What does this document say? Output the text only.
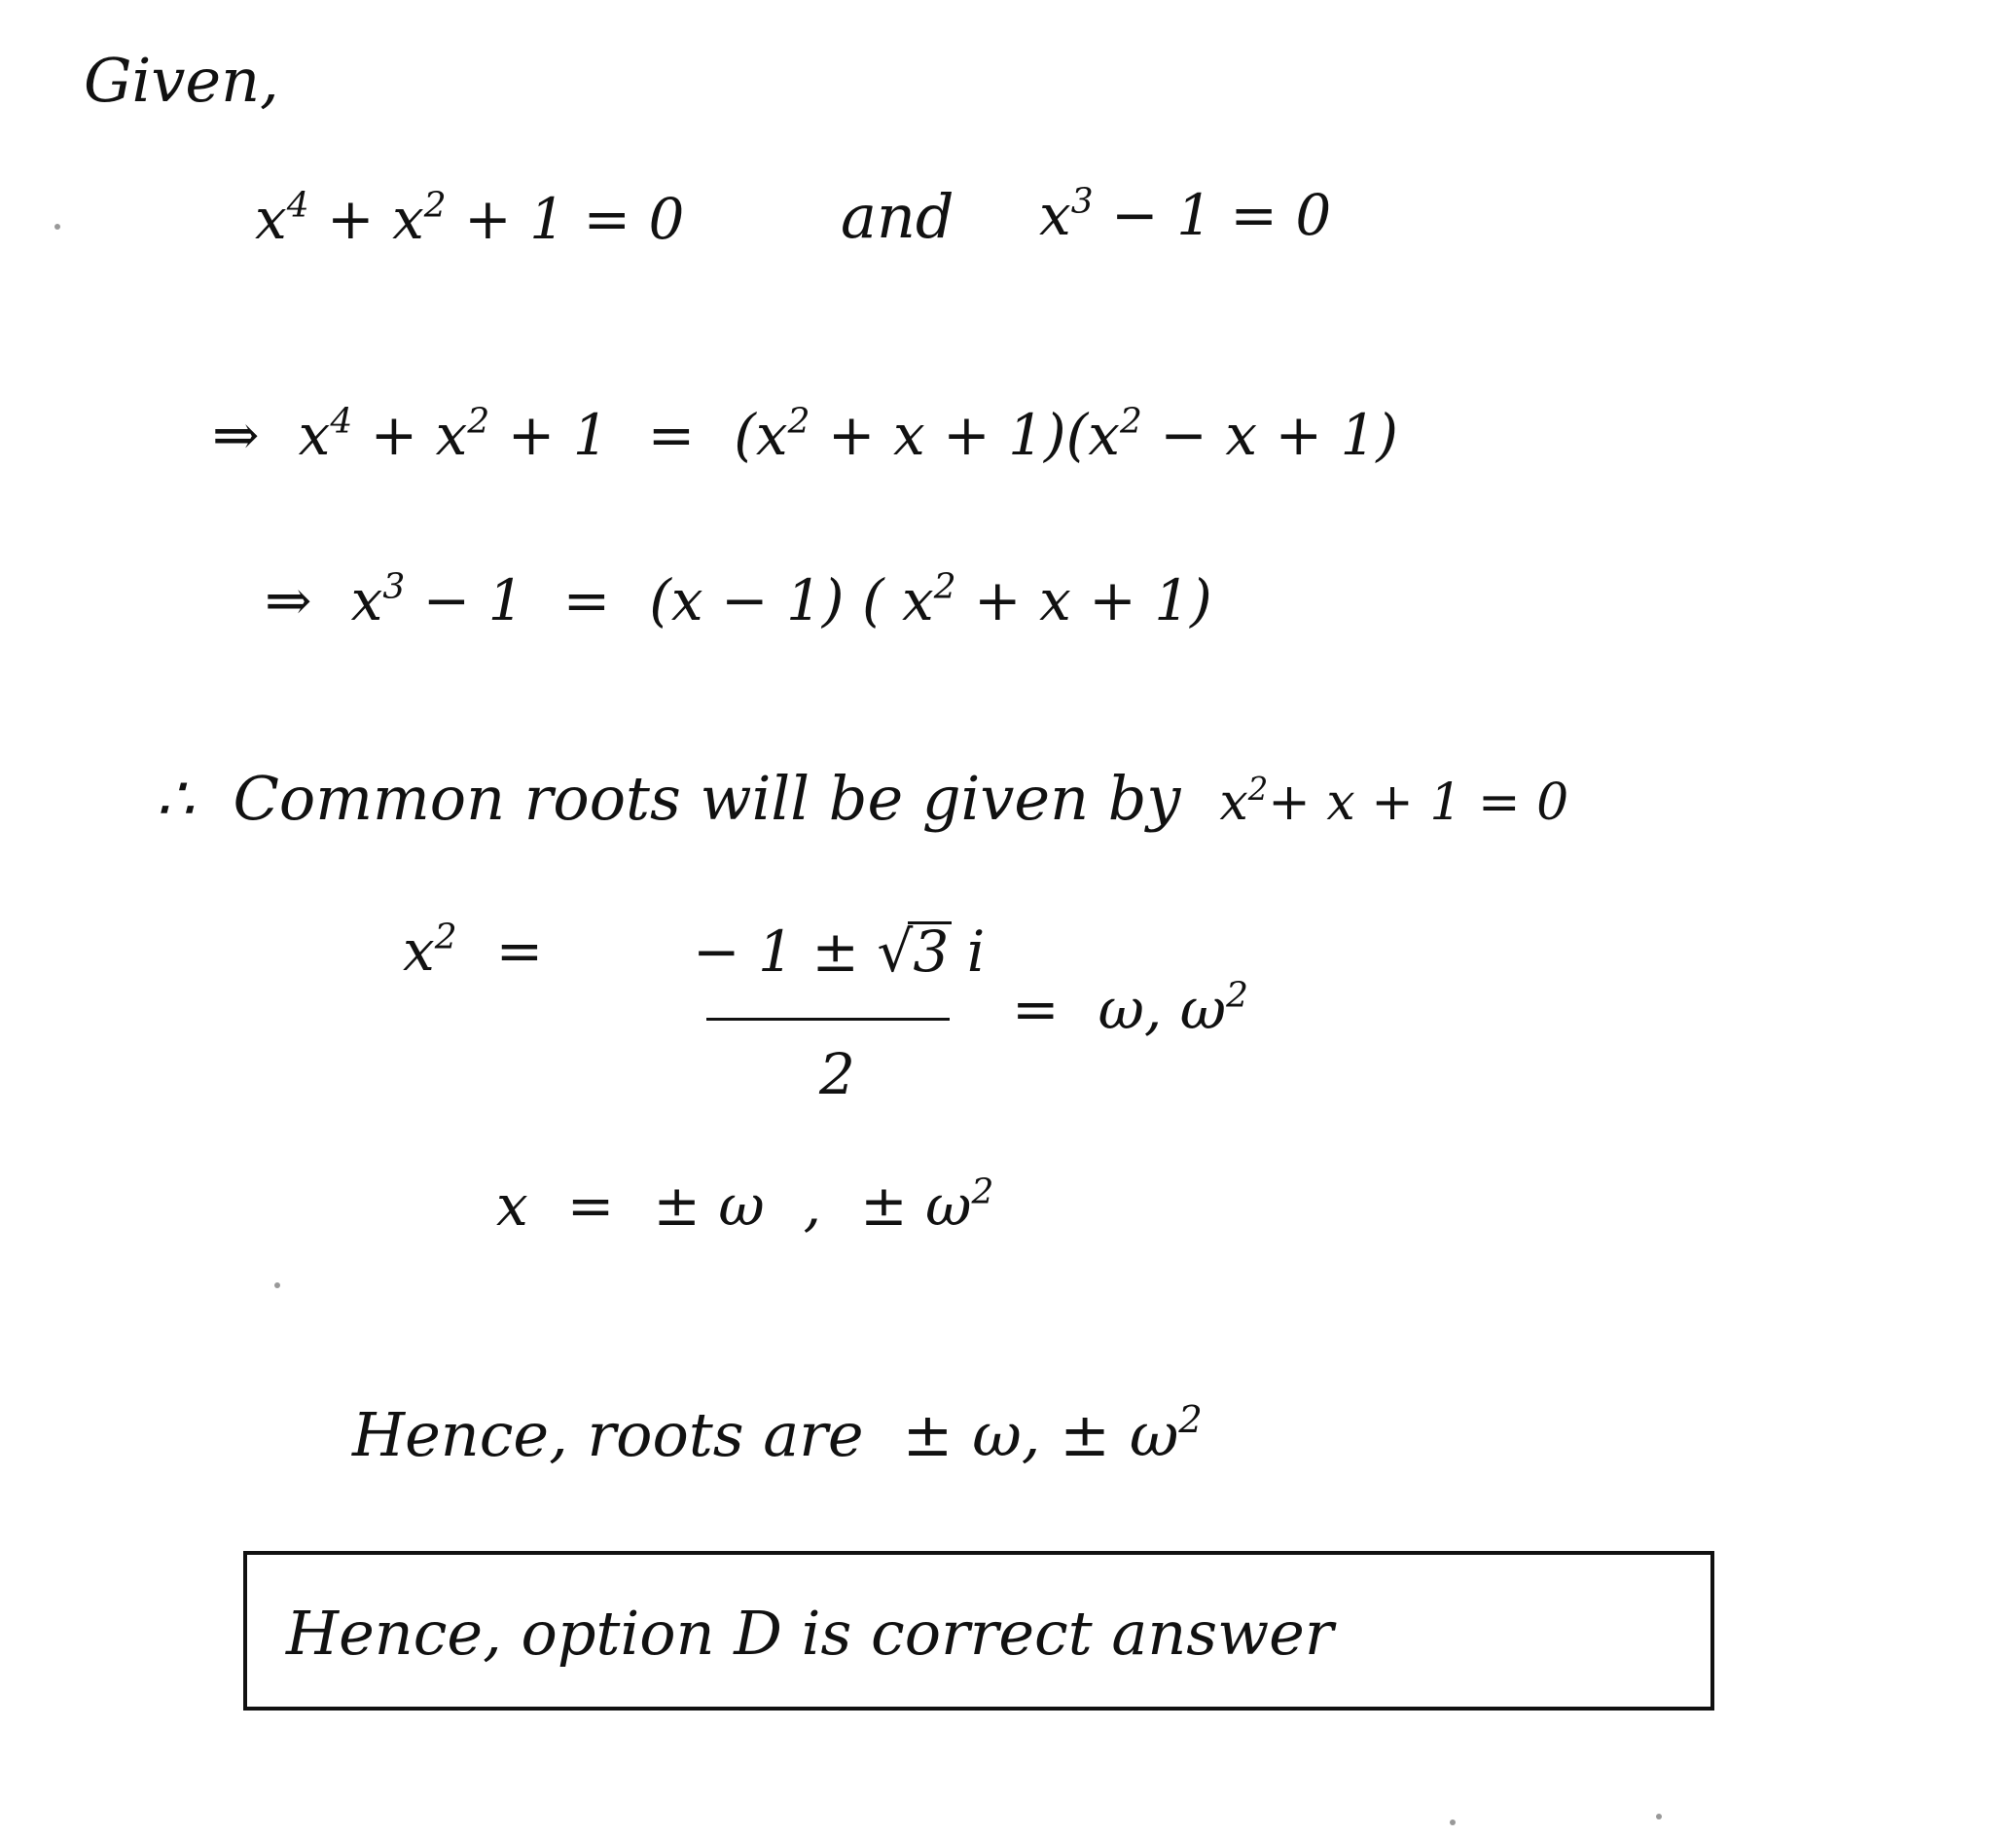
Given,
$x^4 + x^2 + 1 = 0$	and $x^3 - 1 = 0$
⇒ $x^4 + x^2 + 1 = (x^2 + x + 1)(x^2 - x + 1)$
⇒ $x^3 - 1 = (x - 1)$ ( $x^2 + x + 1$)
∴ Common roots will be given by $x^2+ x + 1 = 0$
$x^2$ =	− 1 ± √
3 i
2
= ω, $\omega^2$
x = ± ω , ± $\omega^2$
Hence, roots are ± ω, ± $\omega^2$
Hence, option D is correct answer
